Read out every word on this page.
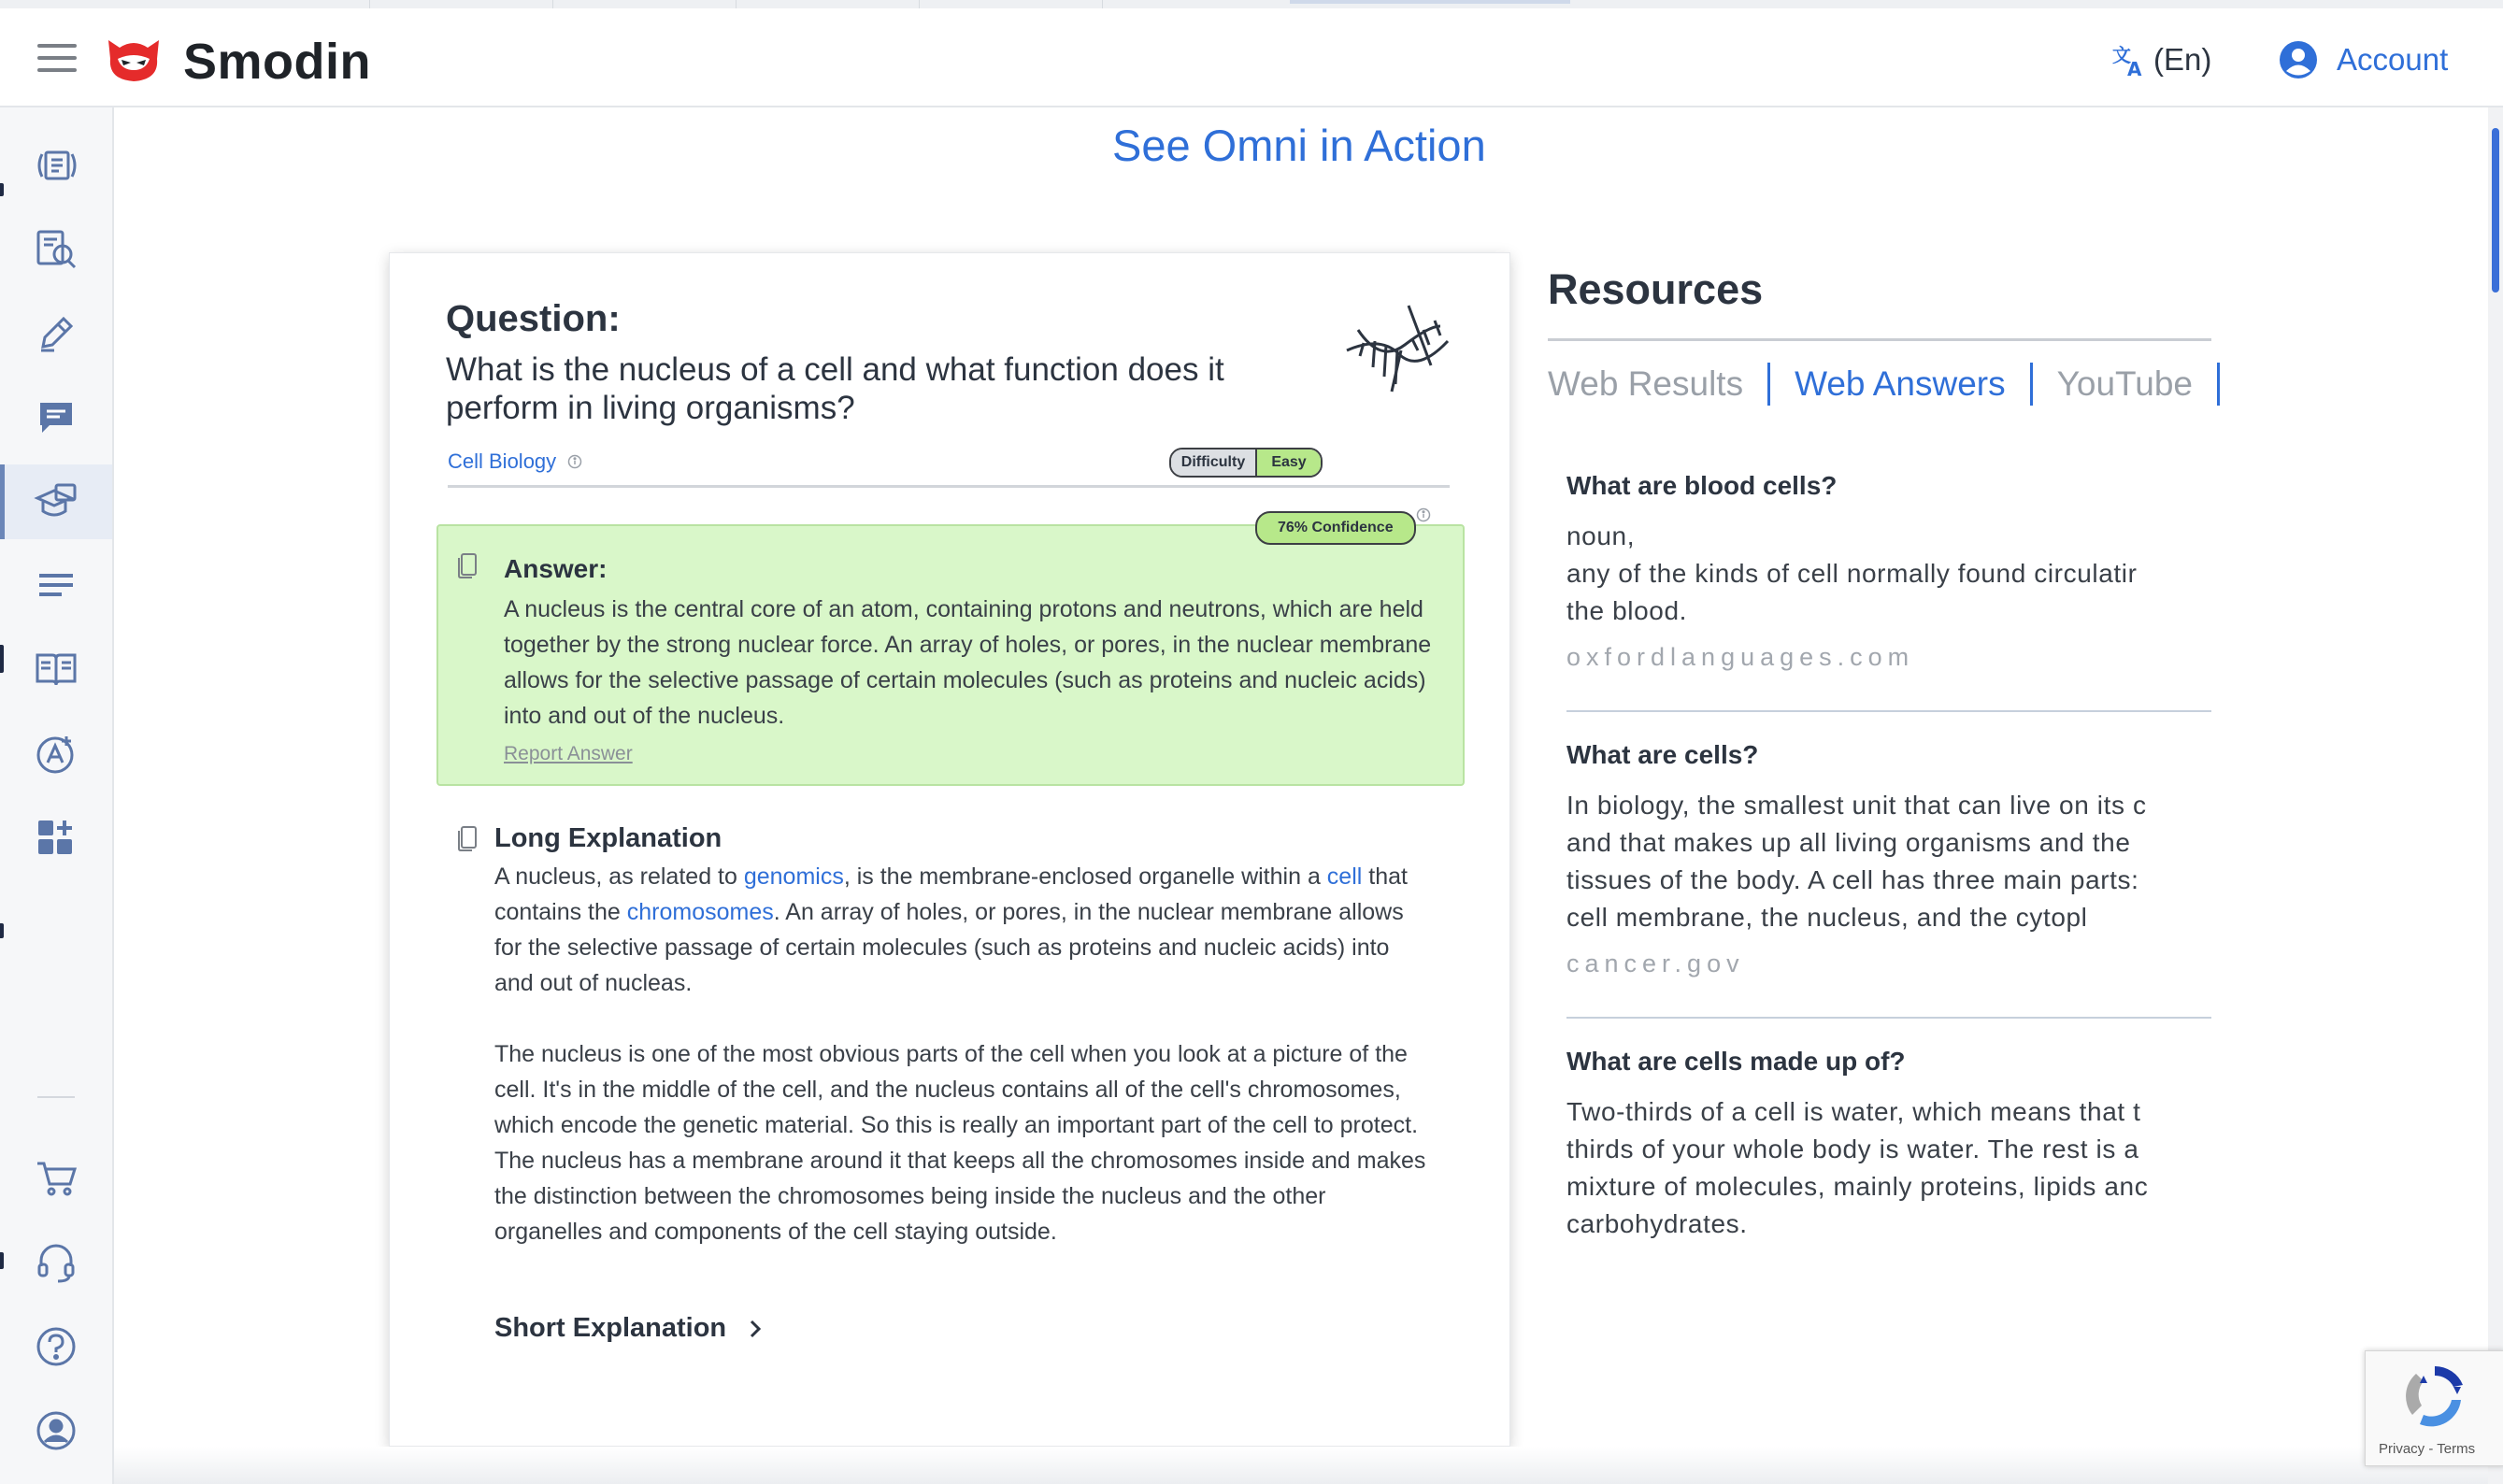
Smodin	文
A (En)	Account
See Omni in Action
Question:
What is the nucleus of a cell and what function does it perform in living organisms?
Cell Biology	Difficulty	Easy
Answer:
A nucleus is the central core of an atom, containing protons and neutrons, which are held together by the strong nuclear force. An array of holes, or pores, in the nuclear membrane allows for the selective passage of certain molecules (such as proteins and nucleic acids) into and out of the nucleus.
Report Answer
76% Confidence
Long Explanation
A nucleus, as related to genomics, is the membrane-enclosed organelle within a cell that contains the chromosomes. An array of holes, or pores, in the nuclear membrane allows for the selective passage of certain molecules (such as proteins and nucleic acids) into and out of nucleas.
The nucleus is one of the most obvious parts of the cell when you look at a picture of the cell. It's in the middle of the cell, and the nucleus contains all of the cell's chromosomes, which encode the genetic material. So this is really an important part of the cell to protect. The nucleus has a membrane around it that keeps all the chromosomes inside and makes the distinction between the chromosomes being inside the nucleus and the other organelles and components of the cell staying outside.
Short Explanation
Resources
Web Results	Web Answers	YouTube
What are blood cells?
noun,
any of the kinds of cell normally found circulatir
the blood.
oxfordlanguages.com
What are cells?
In biology, the smallest unit that can live on its c
and that makes up all living organisms and the
tissues of the body. A cell has three main parts:
cell membrane, the nucleus, and the cytopl
cancer.gov
What are cells made up of?
Two-thirds of a cell is water, which means that t
thirds of your whole body is water. The rest is a
mixture of molecules, mainly proteins, lipids anc
carbohydrates.
Privacy - Terms
